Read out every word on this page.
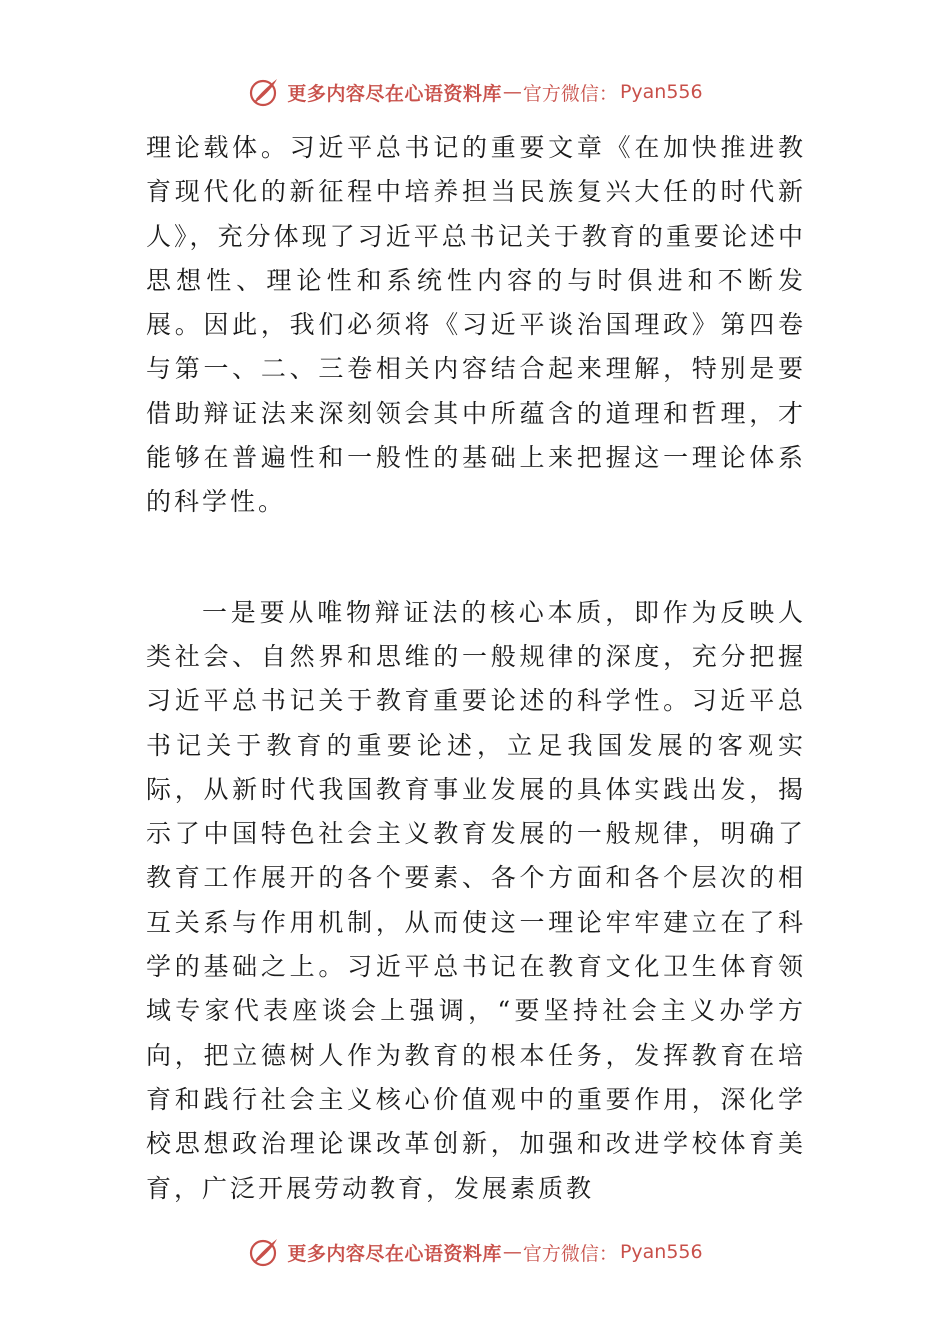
更多内容尽在心语资料库 — 官方微信： Pyan556

理论载体。习近平总书记的重要文章《在加快推进教育现代化的新征程中培养担当民族复兴大任的时代新人》，充分体现了习近平总书记关于教育的重要论述中思想性、理论性和系统性内容的与时俱进和不断发展。因此，我们必须将《习近平谈治国理政》第四卷与第一、二、三卷相关内容结合起来理解，特别是要借助辩证法来深刻领会其中所蕴含的道理和哲理，才能够在普遍性和一般性的基础上来把握这一理论体系的科学性。

一是要从唯物辩证法的核心本质，即作为反映人类社会、自然界和思维的一般规律的深度，充分把握习近平总书记关于教育重要论述的科学性。习近平总书记关于教育的重要论述，立足我国发展的客观实际，从新时代我国教育事业发展的具体实践出发，揭示了中国特色社会主义教育发展的一般规律，明确了教育工作展开的各个要素、各个方面和各个层次的相互关系与作用机制，从而使这一理论牢牢建立在了科学的基础之上。习近平总书记在教育文化卫生体育领域专家代表座谈会上强调，“要坚持社会主义办学方向，把立德树人作为教育的根本任务，发挥教育在培育和践行社会主义核心价值观中的重要作用，深化学校思想政治理论课改革创新，加强和改进学校体育美育，广泛开展劳动教育，发展素质教

更多内容尽在心语资料库 — 官方微信： Pyan556
